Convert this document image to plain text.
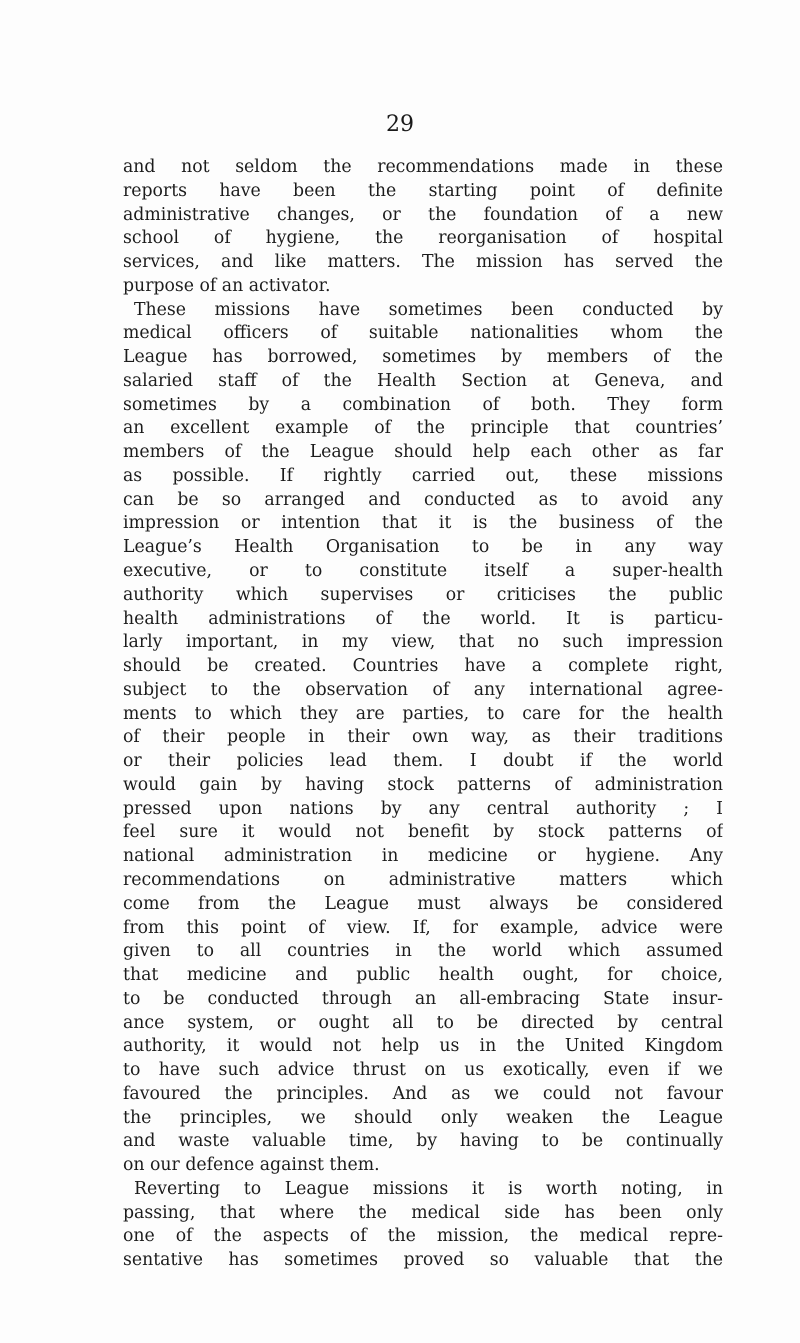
29
and not seldom the recommendations made in these
reports have been the starting point of definite
administrative changes, or the foundation of a new
school of hygiene, the reorganisation of hospital
services, and like matters. The mission has served the
purpose of an activator.
These missions have sometimes been conducted by
medical officers of suitable nationalities whom the
League has borrowed, sometimes by members of the
salaried staff of the Health Section at Geneva, and
sometimes by a combination of both. They form
an excellent example of the principle that countries’
members of the League should help each other as far
as possible. If rightly carried out, these missions
can be so arranged and conducted as to avoid any
impression or intention that it is the business of the
League’s Health Organisation to be in any way
executive, or to constitute itself a super-health
authority which supervises or criticises the public
health administrations of the world. It is particu-
larly important, in my view, that no such impression
should be created. Countries have a complete right,
subject to the observation of any international agree-
ments to which they are parties, to care for the health
of their people in their own way, as their traditions
or their policies lead them. I doubt if the world
would gain by having stock patterns of administration
pressed upon nations by any central authority ; I
feel sure it would not benefit by stock patterns of
national administration in medicine or hygiene. Any
recommendations on administrative matters which
come from the League must always be considered
from this point of view. If, for example, advice were
given to all countries in the world which assumed
that medicine and public health ought, for choice,
to be conducted through an all-embracing State insur-
ance system, or ought all to be directed by central
authority, it would not help us in the United Kingdom
to have such advice thrust on us exotically, even if we
favoured the principles. And as we could not favour
the principles, we should only weaken the League
and waste valuable time, by having to be continually
on our defence against them.
Reverting to League missions it is worth noting, in
passing, that where the medical side has been only
one of the aspects of the mission, the medical repre-
sentative has sometimes proved so valuable that the
